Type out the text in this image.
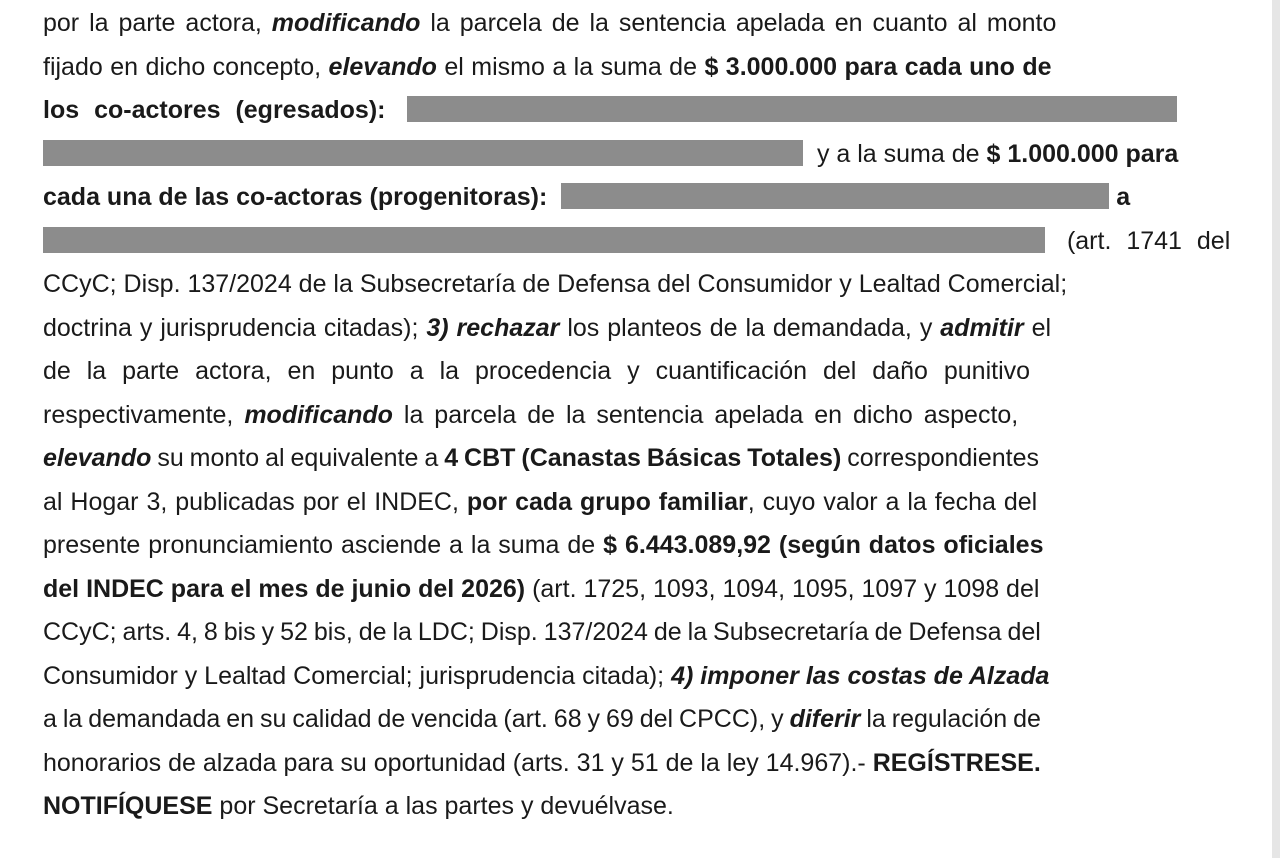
por la parte actora, modificando la parcela de la sentencia apelada en cuanto al monto
fijado en dicho concepto, elevando el mismo a la suma de $ 3.000.000 para cada uno de
los co-actores (egresados):
y a la suma de $ 1.000.000 para
cada una de las co-actoras (progenitoras):	a
(art. 1741 del
CCyC; Disp. 137/2024 de la Subsecretaría de Defensa del Consumidor y Lealtad Comercial;
doctrina y jurisprudencia citadas); 3) rechazar los planteos de la demandada, y admitir el
de la parte actora, en punto a la procedencia y cuantificación del daño punitivo
respectivamente, modificando la parcela de la sentencia apelada en dicho aspecto,
elevando su monto al equivalente a 4 CBT (Canastas Básicas Totales) correspondientes
al Hogar 3, publicadas por el INDEC, por cada grupo familiar, cuyo valor a la fecha del
presente pronunciamiento asciende a la suma de $ 6.443.089,92 (según datos oficiales
del INDEC para el mes de junio del 2026) (art. 1725, 1093, 1094, 1095, 1097 y 1098 del
CCyC; arts. 4, 8 bis y 52 bis, de la LDC; Disp. 137/2024 de la Subsecretaría de Defensa del
Consumidor y Lealtad Comercial; jurisprudencia citada); 4) imponer las costas de Alzada
a la demandada en su calidad de vencida (art. 68 y 69 del CPCC), y diferir la regulación de
honorarios de alzada para su oportunidad (arts. 31 y 51 de la ley 14.967).- REGÍSTRESE.
NOTIFÍQUESE por Secretaría a las partes y devuélvase.
